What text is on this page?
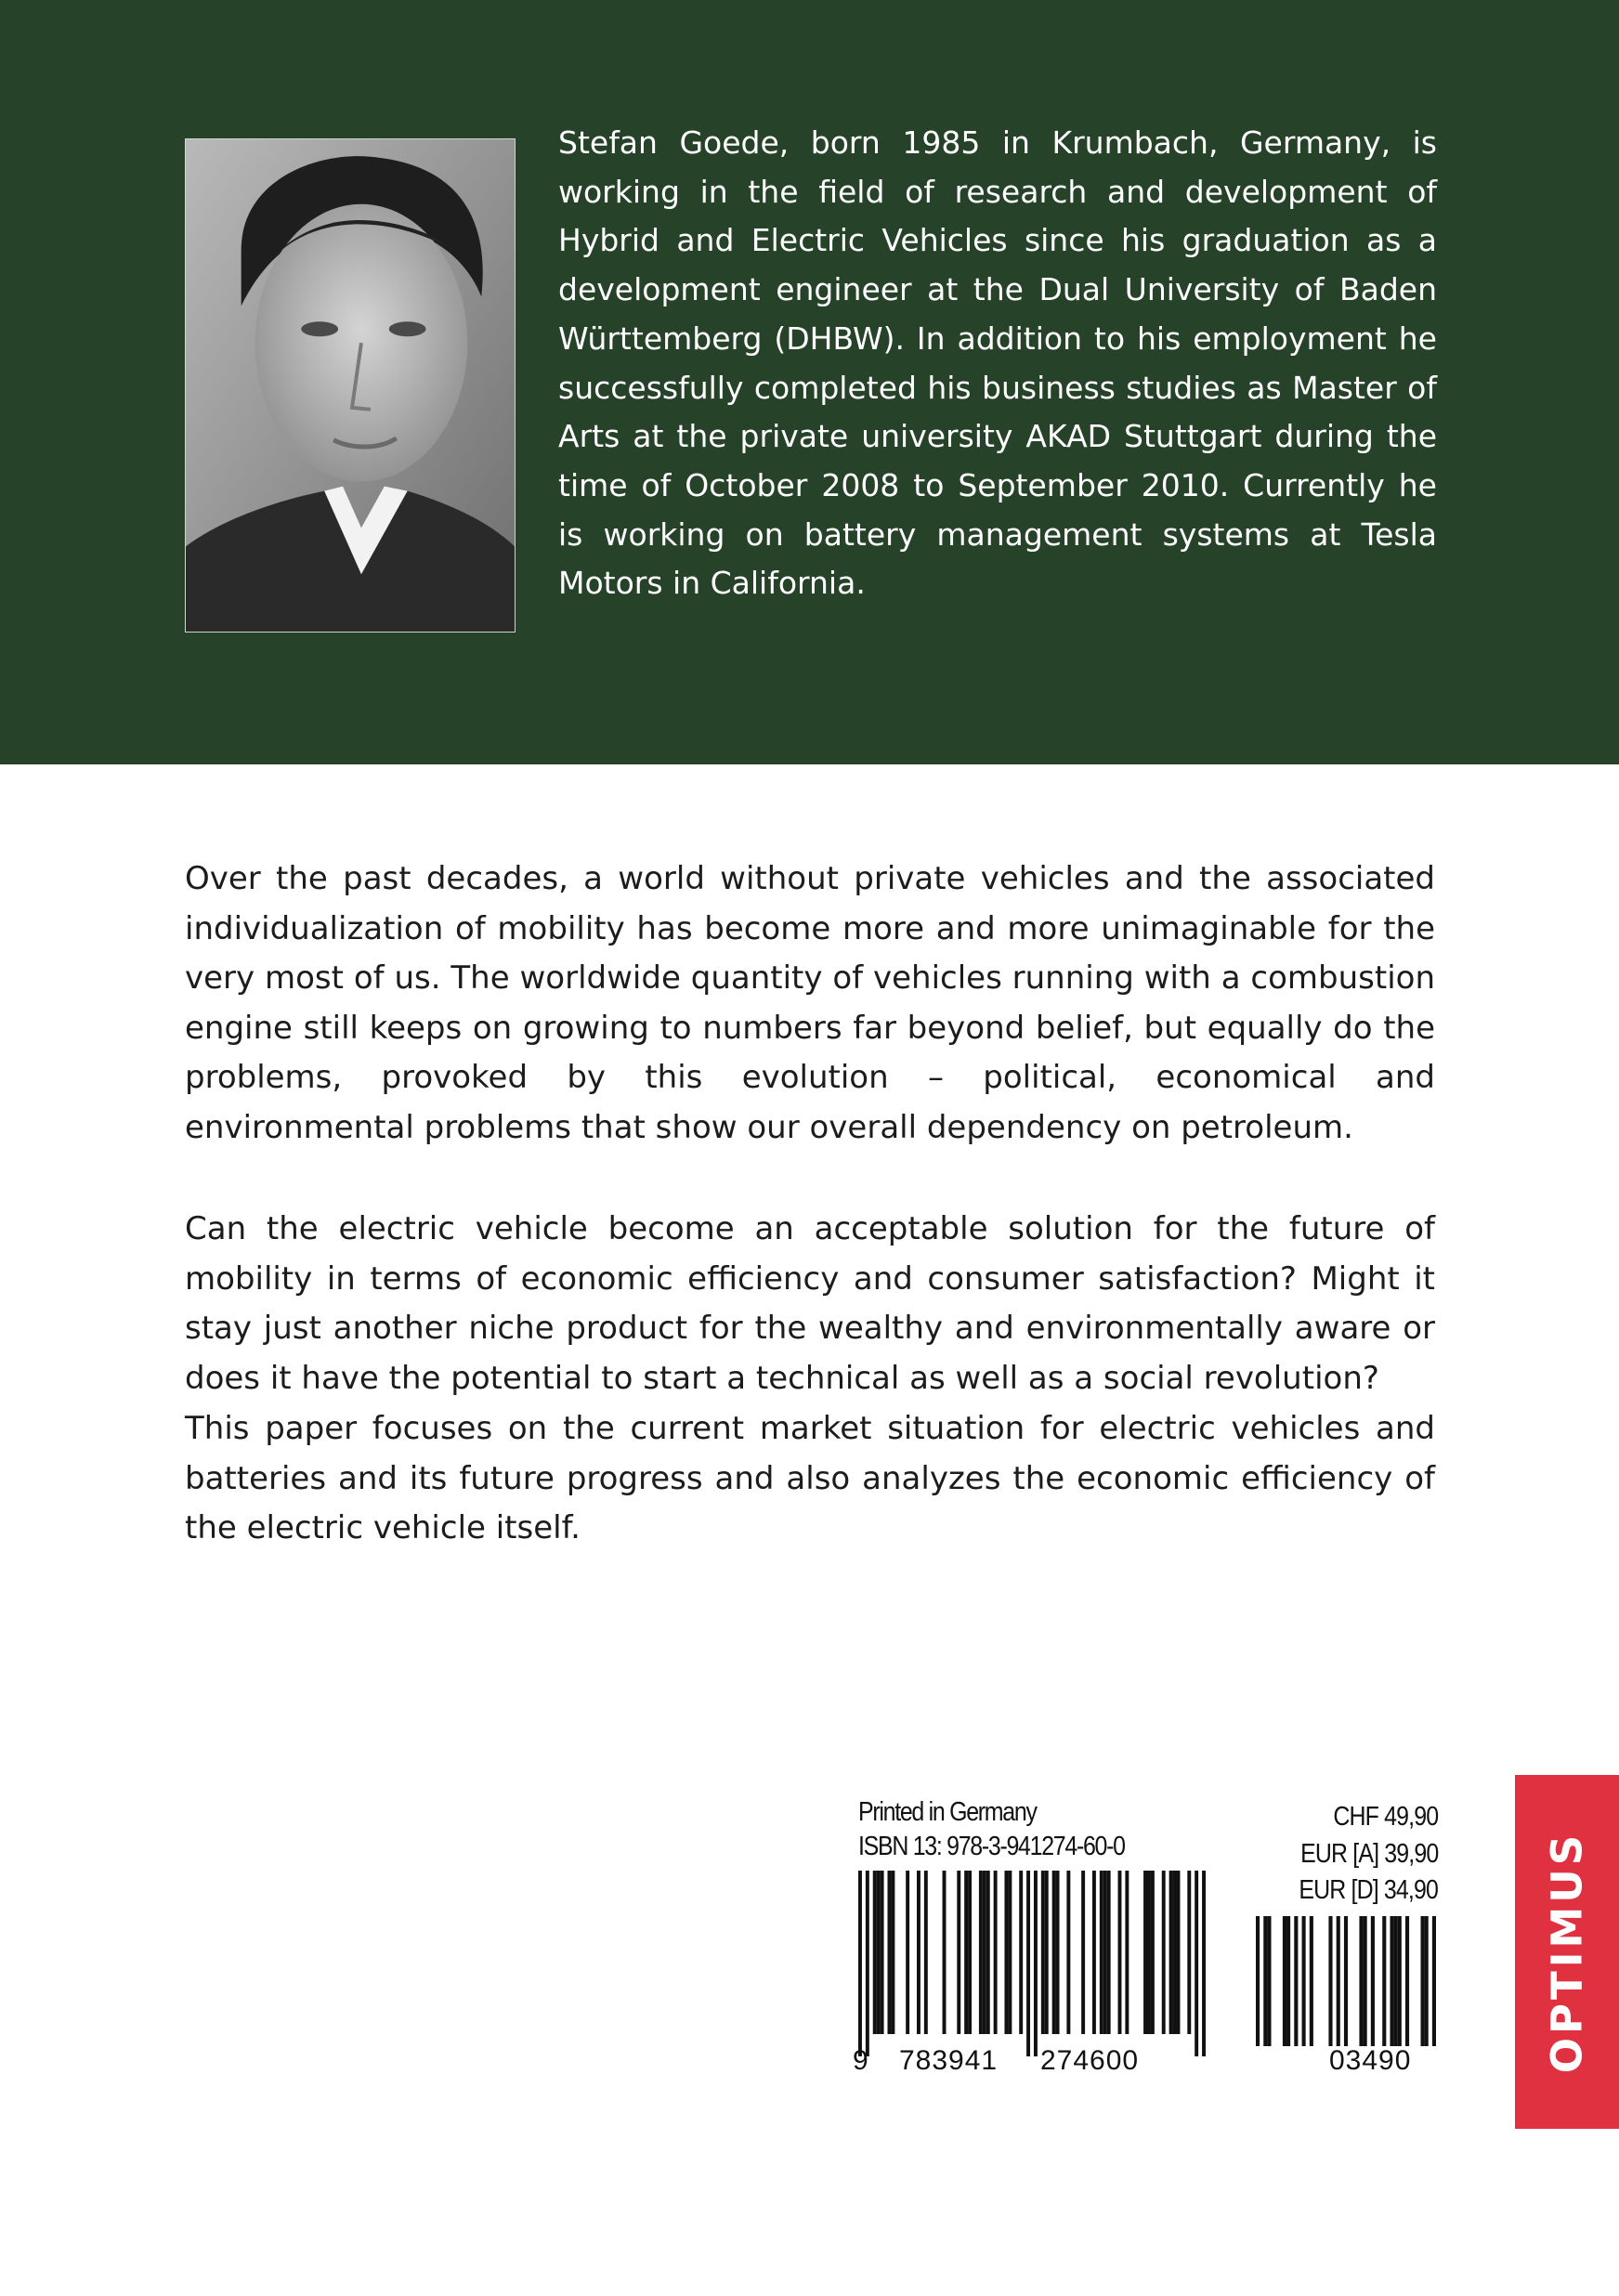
Stefan Goede, born 1985 in Krumbach, Germany, is working in the field of research and development of Hybrid and Electric Vehicles since his graduation as a development engineer at the Dual University of Baden Württemberg (DHBW). In addition to his employment he successfully completed his business studies as Master of Arts at the private university AKAD Stuttgart during the time of October 2008 to September 2010. Currently he is working on battery management systems at Tesla Motors in California.

Over the past decades, a world without private vehicles and the associated individualization of mobility has become more and more unimaginable for the very most of us. The worldwide quantity of vehicles running with a combustion engine still keeps on growing to numbers far beyond belief, but equally do the problems, provoked by this evolution – political, economical and environmental problems that show our overall dependency on petroleum.

Can the electric vehicle become an acceptable solution for the future of mobility in terms of economic efficiency and consumer satisfaction? Might it stay just another niche product for the wealthy and environmentally aware or does it have the potential to start a technical as well as a social revolution?

This paper focuses on the current market situation for electric vehicles and batteries and its future progress and also analyzes the economic efficiency of the electric vehicle itself.

Printed in Germany
ISBN 13: 978-3-941274-60-0
CHF 49,90
EUR [A] 39,90
EUR [D] 34,90
9 783941 274600	03490	OPTIMUS
